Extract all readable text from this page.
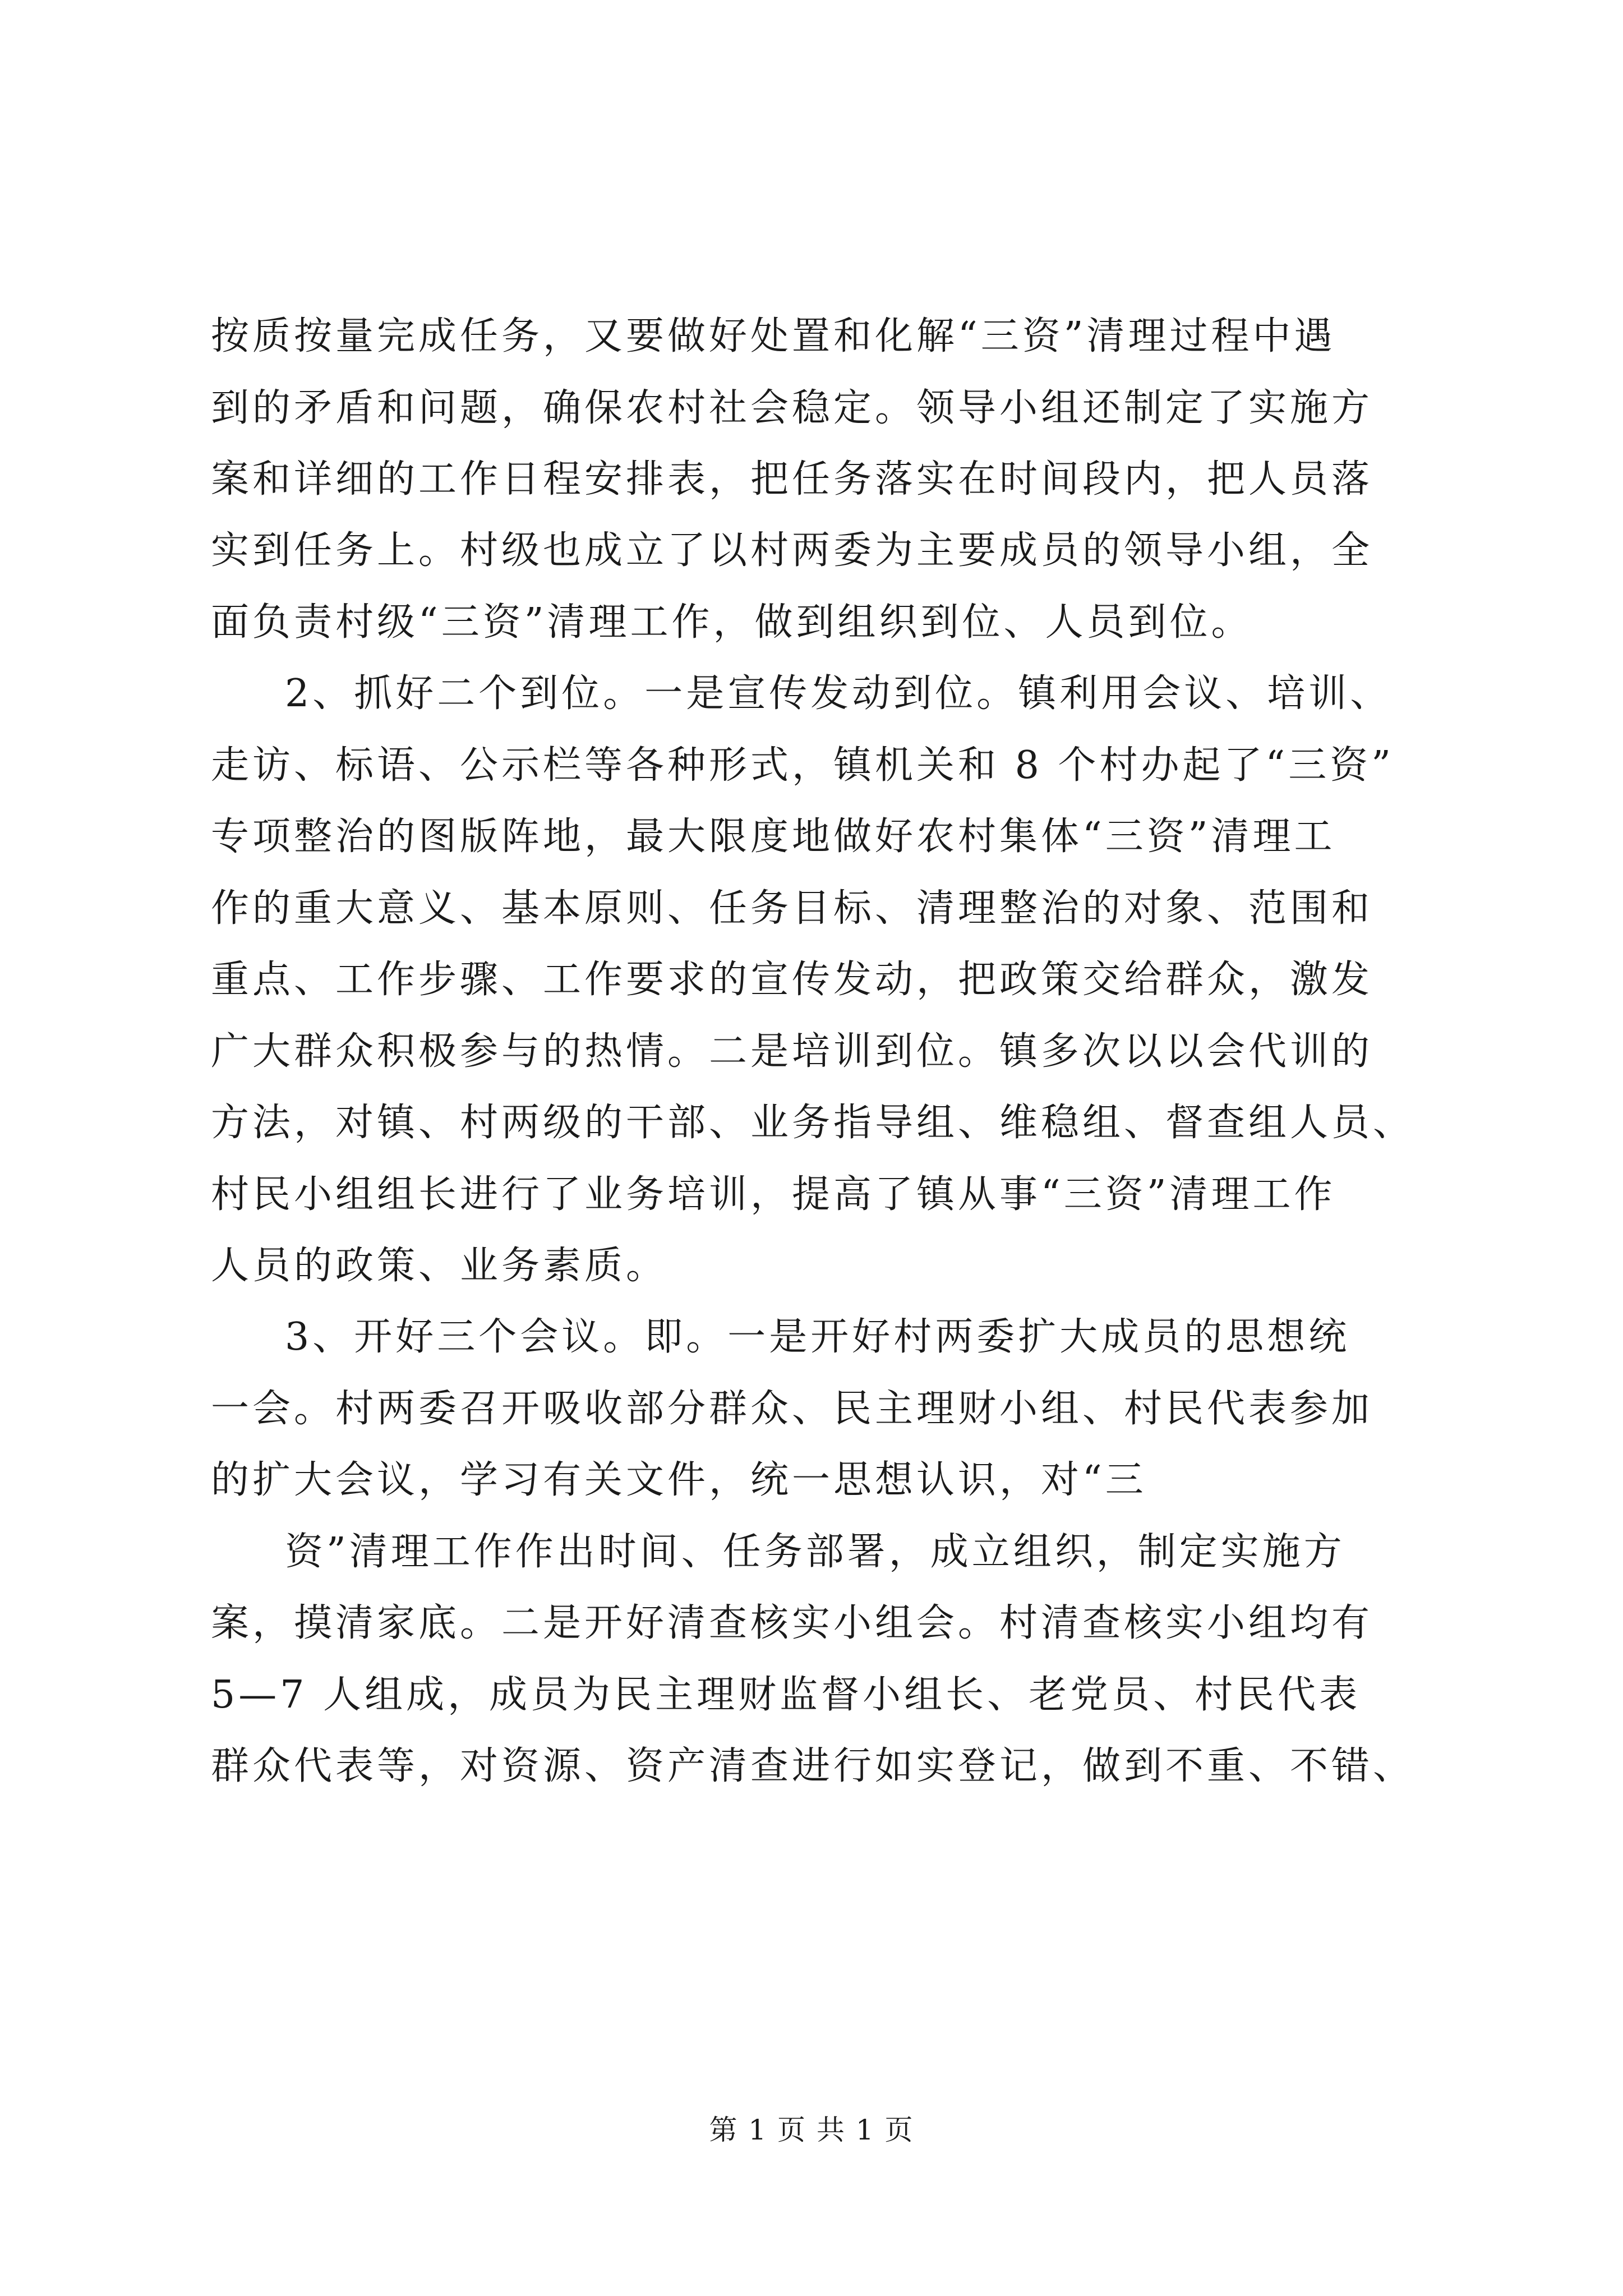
按质按量完成任务，又要做好处置和化解“三资”清理过程中遇

到的矛盾和问题，确保农村社会稳定。领导小组还制定了实施方

案和详细的工作日程安排表，把任务落实在时间段内，把人员落

实到任务上。村级也成立了以村两委为主要成员的领导小组，全

面负责村级“三资”清理工作，做到组织到位、人员到位。

2、抓好二个到位。一是宣传发动到位。镇利用会议、培训、

走访、标语、公示栏等各种形式，镇机关和 8 个村办起了“三资”

专项整治的图版阵地，最大限度地做好农村集体“三资”清理工

作的重大意义、基本原则、任务目标、清理整治的对象、范围和

重点、工作步骤、工作要求的宣传发动，把政策交给群众，激发

广大群众积极参与的热情。二是培训到位。镇多次以以会代训的

方法，对镇、村两级的干部、业务指导组、维稳组、督查组人员、

村民小组组长进行了业务培训，提高了镇从事“三资”清理工作

人员的政策、业务素质。

3、开好三个会议。即。一是开好村两委扩大成员的思想统

一会。村两委召开吸收部分群众、民主理财小组、村民代表参加

的扩大会议，学习有关文件，统一思想认识，对“三

资”清理工作作出时间、任务部署，成立组织，制定实施方

案，摸清家底。二是开好清查核实小组会。村清查核实小组均有

5—7 人组成，成员为民主理财监督小组长、老党员、村民代表

群众代表等，对资源、资产清查进行如实登记，做到不重、不错、

第 1 页 共 1 页
